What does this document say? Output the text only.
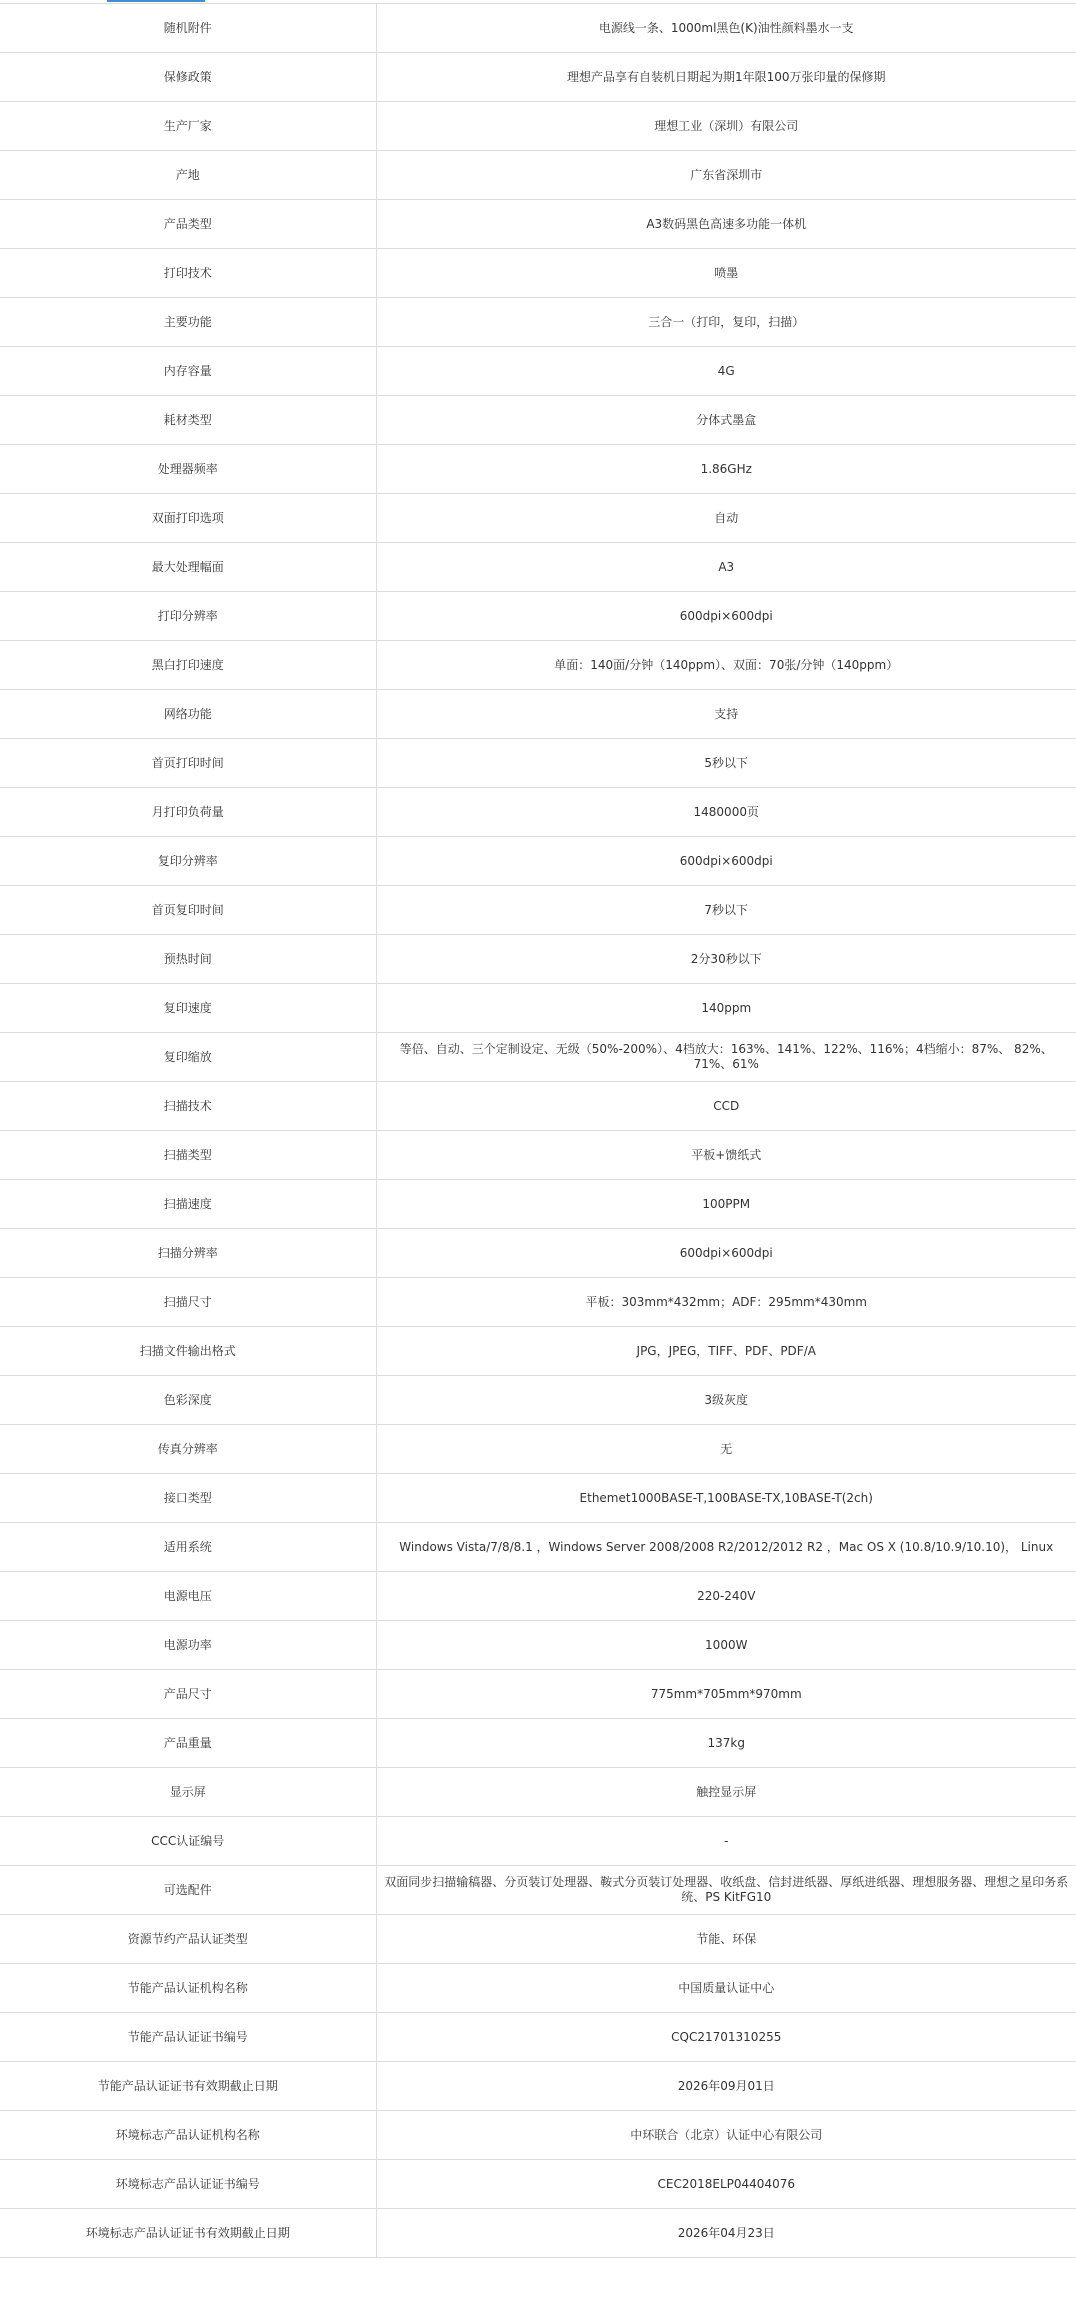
随机附件	电源线一条、1000ml黑色(K)油性颜料墨水一支
保修政策	理想产品享有自装机日期起为期1年限100万张印量的保修期
生产厂家	理想工业（深圳）有限公司
产地	广东省深圳市
产品类型	A3数码黑色高速多功能一体机
打印技术	喷墨
主要功能	三合一（打印，复印，扫描）
内存容量	4G
耗材类型	分体式墨盒
处理器频率	1.86GHz
双面打印选项	自动
最大处理幅面	A3
打印分辨率	600dpi×600dpi
黑白打印速度	单面：140面/分钟（140ppm）、双面：70张/分钟（140ppm）
网络功能	支持
首页打印时间	5秒以下
月打印负荷量	1480000页
复印分辨率	600dpi×600dpi
首页复印时间	7秒以下
预热时间	2分30秒以下
复印速度	140ppm
复印缩放	等倍、自动、三个定制设定、无级（50%-200%）、4档放大：163%、141%、122%、116%；4档缩小：87%、 82%、71%、61%
扫描技术	CCD
扫描类型	平板+馈纸式
扫描速度	100PPM
扫描分辨率	600dpi×600dpi
扫描尺寸	平板：303mm*432mm；ADF：295mm*430mm
扫描文件输出格式	JPG，JPEG，TIFF、PDF、PDF/A
色彩深度	3级灰度
传真分辨率	无
接口类型	Ethemet1000BASE-T,100BASE-TX,10BASE-T(2ch)
适用系统	Windows Vista/7/8/8.1 ，Windows Server 2008/2008 R2/2012/2012 R2 ，Mac OS X (10.8/10.9/10.10)， Linux
电源电压	220-240V
电源功率	1000W
产品尺寸	775mm*705mm*970mm
产品重量	137kg
显示屏	触控显示屏
CCC认证编号	-
可选配件	双面同步扫描输稿器、分页装订处理器、鞍式分页装订处理器、收纸盘、信封进纸器、厚纸进纸器、理想服务器、理想之星印务系统、PS KitFG10
资源节约产品认证类型	节能、环保
节能产品认证机构名称	中国质量认证中心
节能产品认证证书编号	CQC21701310255
节能产品认证证书有效期截止日期	2026年09月01日
环境标志产品认证机构名称	中环联合（北京）认证中心有限公司
环境标志产品认证证书编号	CEC2018ELP04404076
环境标志产品认证证书有效期截止日期	2026年04月23日
